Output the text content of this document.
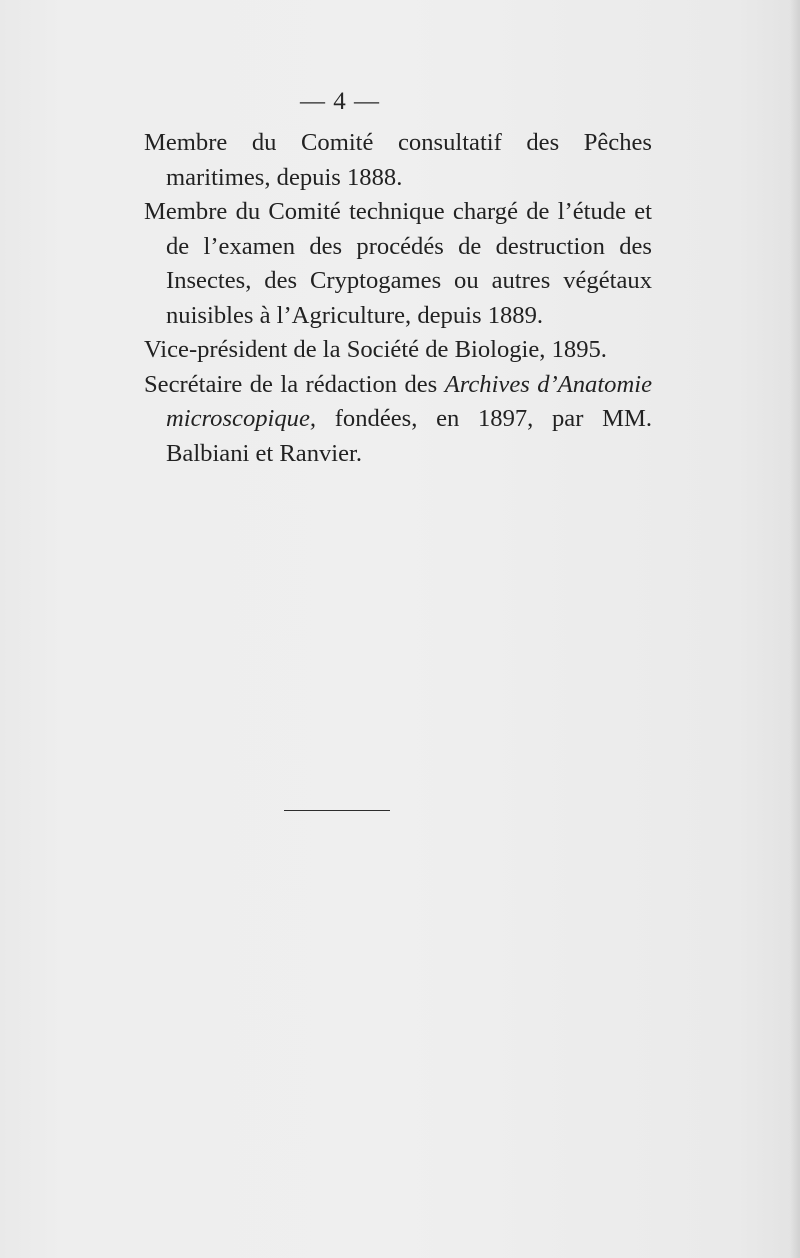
— 4 —

Membre du Comité consultatif des Pêches maritimes, depuis 1888.

Membre du Comité technique chargé de l’étude et de l’examen des procédés de destruction des Insectes, des Cryptogames ou autres végétaux nuisibles à l’Agriculture, depuis 1889.

Vice-président de la Société de Biologie, 1895.

Secrétaire de la rédaction des Archives d’Anatomie microscopique, fondées, en 1897, par MM. Balbiani et Ranvier.
